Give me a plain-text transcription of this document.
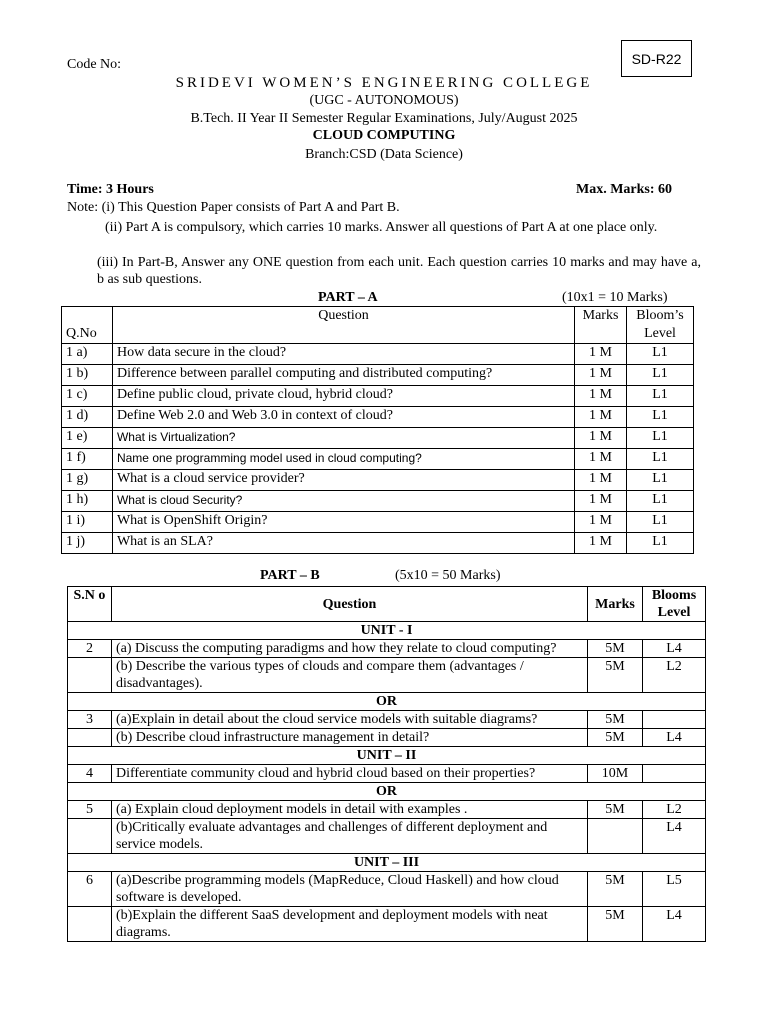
SD-R22
Code No:
SRIDEVI WOMEN’S ENGINEERING COLLEGE
(UGC - AUTONOMOUS)
B.Tech. II Year II Semester Regular Examinations, July/August 2025
CLOUD COMPUTING
Branch:CSD (Data Science)
Time: 3 Hours	Max. Marks: 60
Note: (i) This Question Paper consists of Part A and Part B.
(ii) Part A is compulsory, which carries 10 marks. Answer all questions of Part A at one place only.
(iii) In Part-B, Answer any ONE question from each unit. Each question carries 10 marks and may have a, b as sub questions.
PART – A	(10x1 = 10 Marks)
Q.No	Question	Marks	Bloom’s Level
1 a)	How data secure in the cloud?	1 M	L1
1 b)	Difference between parallel computing and distributed computing?	1 M	L1
1 c)	Define public cloud, private cloud, hybrid cloud?	1 M	L1
1 d)	Define Web 2.0 and Web 3.0 in context of cloud?	1 M	L1
1 e)	What is Virtualization?	1 M	L1
1 f)	Name one programming model used in cloud computing?	1 M	L1
1 g)	What is a cloud service provider?	1 M	L1
1 h)	What is cloud Security?	1 M	L1
1 i)	What is OpenShift Origin?	1 M	L1
1 j)	What is an SLA?	1 M	L1
PART – B	(5x10 = 50 Marks)
S.N o	Question	Marks	Blooms Level
UNIT - I			
2	(a) Discuss the computing paradigms and how they relate to cloud computing?	5M	L4
	(b) Describe the various types of clouds and compare them (advantages / disadvantages).	5M	L2
OR			
3	(a)Explain in detail about the cloud service models with suitable diagrams?	5M	
	(b) Describe cloud infrastructure management in detail?	5M	L4
UNIT – II			
4	Differentiate community cloud and hybrid cloud based on their properties?	10M	
OR			
5	(a) Explain cloud deployment models in detail with examples .	5M	L2
	(b)Critically evaluate advantages and challenges of different deployment and service models.		L4
UNIT – III			
6	(a)Describe programming models (MapReduce, Cloud Haskell) and how cloud software is developed.	5M	L5
	(b)Explain the different SaaS development and deployment models with neat diagrams.	5M	L4
